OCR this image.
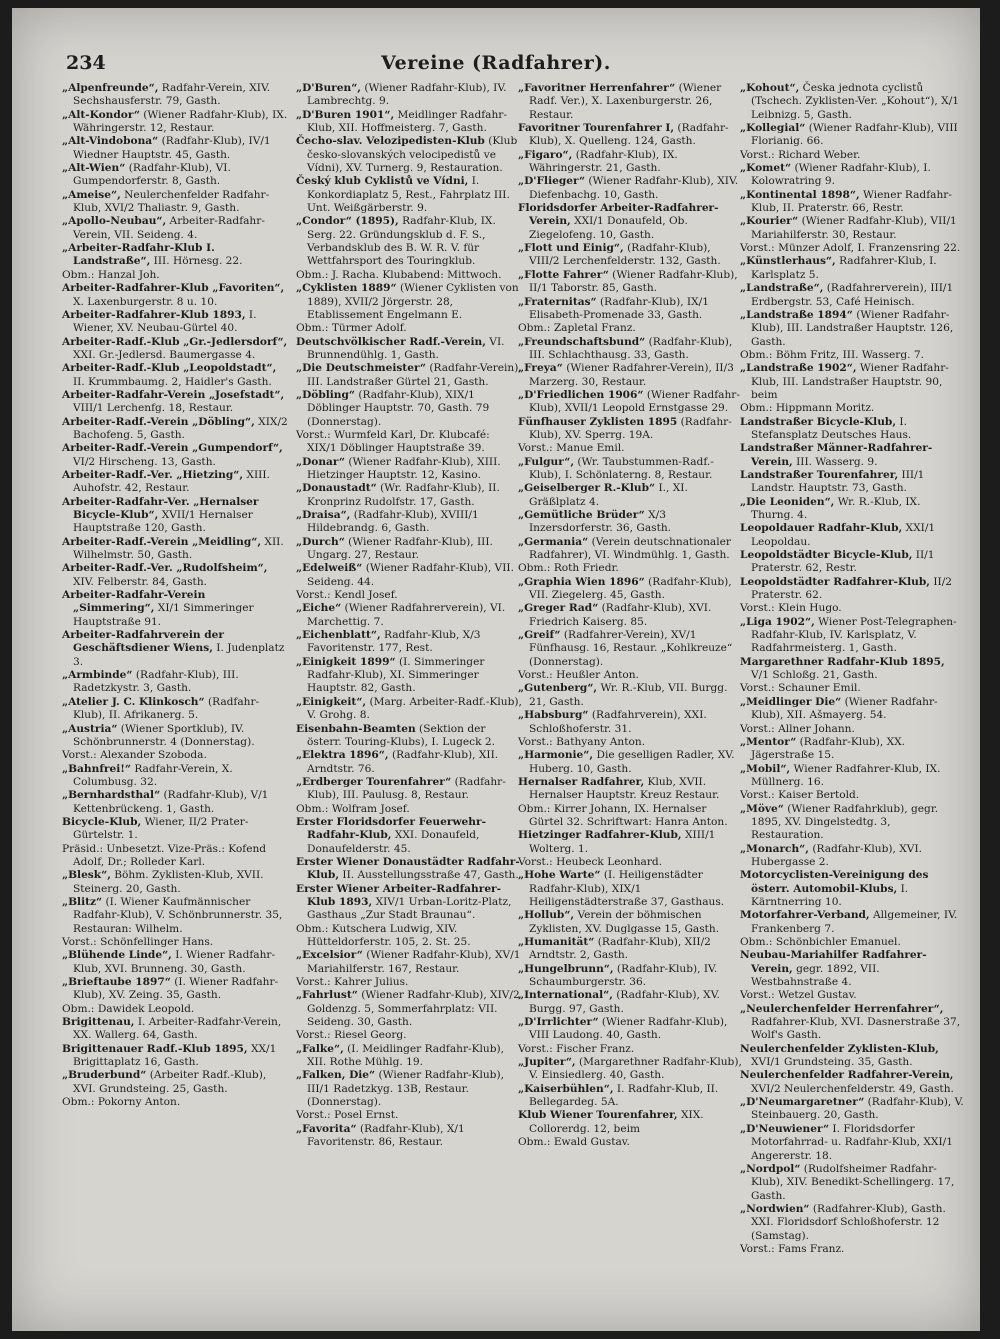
234	Vereine (Radfahrer).

„Alpenfreunde“, Radfahr-Verein, XIV. Sechshausferstr. 79, Gasth.

„Alt-Kondor“ (Wiener Radfahr-Klub), IX. Währingerstr. 12, Restaur.

„Alt-Vindobona“ (Radfahr-Klub), IV/1 Wiedner Hauptstr. 45, Gasth.

„Alt-Wien“ (Radfahr-Klub), VI. Gumpendorferstr. 8, Gasth.

„Ameise“, Neulerchenfelder Radfahr-Klub, XVI/2 Thaliastr. 9, Gasth.

„Apollo-Neubau“, Arbeiter-Radfahr-Verein, VII. Seideng. 4.

„Arbeiter-Radfahr-Klub I. Landstraße“, III. Hörnesg. 22.
Obm.: Hanzal Joh.

Arbeiter-Radfahrer-Klub „Favoriten“, X. Laxenburgerstr. 8 u. 10.

Arbeiter-Radfahrer-Klub 1893, I. Wiener, XV. Neubau-Gürtel 40.

Arbeiter-Radf.-Klub „Gr.-Jedlersdorf“, XXI. Gr.-Jedlersd. Baumergasse 4.

Arbeiter-Radf.-Klub „Leopoldstadt“, II. Krummbaumg. 2, Haidler's Gasth.

Arbeiter-Radfahr-Verein „Josefstadt“, VIII/1 Lerchenfg. 18, Restaur.

Arbeiter-Radf.-Verein „Döbling“, XIX/2 Bachofeng. 5, Gasth.

Arbeiter-Radf.-Verein „Gumpendorf“, VI/2 Hirscheng. 13, Gasth.

Arbeiter-Radf.-Ver. „Hietzing“, XIII. Auhofstr. 42, Restaur.

Arbeiter-Radfahr-Ver. „Hernalser Bicycle-Klub“, XVII/1 Hernalser Hauptstraße 120, Gasth.

Arbeiter-Radf.-Verein „Meidling“, XII. Wilhelmstr. 50, Gasth.

Arbeiter-Radf.-Ver. „Rudolfsheim“, XIV. Felberstr. 84, Gasth.

Arbeiter-Radfahr-Verein „Simmering“, XI/1 Simmeringer Hauptstraße 91.

Arbeiter-Radfahrverein der Geschäftsdiener Wiens, I. Judenplatz 3.

„Armbinde“ (Radfahr-Klub), III. Radetzkystr. 3, Gasth.

„Atelier J. C. Klinkosch“ (Radfahr-Klub), II. Afrikanerg. 5.

„Austria“ (Wiener Sportklub), IV. Schönbrunnerstr. 4 (Donnerstag).
Vorst.: Alexander Szoboda.

„Bahnfrei!“ Radfahr-Verein, X. Columbusg. 32.

„Bernhardsthal“ (Radfahr-Klub), V/1 Kettenbrückeng. 1, Gasth.

Bicycle-Klub, Wiener, II/2 Prater-Gürtelstr. 1.
Präsid.: Unbesetzt. Vize-Präs.: Kofend Adolf, Dr.; Rolleder Karl.

„Blesk“, Böhm. Zyklisten-Klub, XVII. Steinerg. 20, Gasth.

„Blitz“ (I. Wiener Kaufmännischer Radfahr-Klub), V. Schönbrunnerstr. 35, Restauran: Wilhelm.
Vorst.: Schönfellinger Hans.

„Blühende Linde“, I. Wiener Radfahr-Klub, XVI. Brunneng. 30, Gasth.

„Brieftaube 1897“ (I. Wiener Radfahr-Klub), XV. Zeing. 35, Gasth.
Obm.: Dawidek Leopold.

Brigittenau, I. Arbeiter-Radfahr-Verein, XX. Wallerg. 64, Gasth.

Brigittenauer Radf.-Klub 1895, XX/1 Brigittaplatz 16, Gasth.

„Bruderbund“ (Arbeiter Radf.-Klub), XVI. Grundsteing. 25, Gasth.
Obm.: Pokorny Anton.

„D'Buren“, (Wiener Radfahr-Klub), IV. Lambrechtg. 9.

„D'Buren 1901“, Meidlinger Radfahr-Klub, XII. Hoffmeisterg. 7, Gasth.

Čecho-slav. Velozipedisten-Klub (Klub česko-slovanských velocipedistů ve Vídni), XV. Turnerg. 9, Restauration.

Český klub Cyklistů ve Vídni, I. Konkordiaplatz 5, Rest., Fahrplatz III. Unt. Weißgärberstr. 9.

„Condor“ (1895), Radfahr-Klub, IX. Serg. 22. Gründungsklub d. F. S., Verbandsklub des B. W. R. V. für Wettfahrsport des Touringklub.
Obm.: J. Racha. Klubabend: Mittwoch.

„Cyklisten 1889“ (Wiener Cyklisten von 1889), XVII/2 Jörgerstr. 28, Etablissement Engelmann E.
Obm.: Türmer Adolf.

Deutschvölkischer Radf.-Verein, VI. Brunnendühlg. 1, Gasth.

„Die Deutschmeister“ (Radfahr-Verein), III. Landstraßer Gürtel 21, Gasth.

„Döbling“ (Radfahr-Klub), XIX/1 Döblinger Hauptstr. 70, Gasth. 79 (Donnerstag).
Vorst.: Wurmfeld Karl, Dr. Klubcafé: XIX/1 Döblinger Hauptstraße 39.

„Donar“ (Wiener Radfahr-Klub), XIII. Hietzinger Hauptstr. 12, Kasino.

„Donaustadt“ (Wr. Radfahr-Klub), II. Kronprinz Rudolfstr. 17, Gasth.

„Draisa“, (Radfahr-Klub), XVIII/1 Hildebrandg. 6, Gasth.

„Durch“ (Wiener Radfahr-Klub), III. Ungarg. 27, Restaur.

„Edelweiß“ (Wiener Radfahr-Klub), VII. Seideng. 44.
Vorst.: Kendl Josef.

„Eiche“ (Wiener Radfahrerverein), VI. Marchettig. 7.

„Eichenblatt“, Radfahr-Klub, X/3 Favoritenstr. 177, Rest.

„Einigkeit 1899“ (I. Simmeringer Radfahr-Klub), XI. Simmeringer Hauptstr. 82, Gasth.

„Einigkeit“, (Marg. Arbeiter-Radf.-Klub), V. Grohg. 8.

Eisenbahn-Beamten (Sektion der österr. Touring-Klubs), I. Lugeck 2.

„Elektra 1896“, (Radfahr-Klub), XII. Arndtstr. 76.

„Erdberger Tourenfahrer“ (Radfahr-Klub), III. Paulusg. 8, Restaur.
Obm.: Wolfram Josef.

Erster Floridsdorfer Feuerwehr-Radfahr-Klub, XXI. Donaufeld, Donaufelderstr. 45.

Erster Wiener Donaustädter Radfahr-Klub, II. Ausstellungsstraße 47, Gasth.

Erster Wiener Arbeiter-Radfahrer-Klub 1893, XIV/1 Urban-Loritz-Platz, Gasthaus „Zur Stadt Braunau“.
Obm.: Kutschera Ludwig, XIV. Hütteldorferstr. 105, 2. St. 25.

„Excelsior“ (Wiener Radfahr-Klub), XV/1 Mariahilferstr. 167, Restaur.
Vorst.: Kahrer Julius.

„Fahrlust“ (Wiener Radfahr-Klub), XIV/2 Goldenzg. 5, Sommerfahrplatz: VII. Seideng. 30, Gasth.
Vorst.: Riesel Georg.

„Falke“, (I. Meidlinger Radfahr-Klub), XII. Rothe Mühlg. 19.

„Falken, Die“ (Wiener Radfahr-Klub), III/1 Radetzkyg. 13B, Restaur. (Donnerstag).
Vorst.: Posel Ernst.

„Favorita“ (Radfahr-Klub), X/1 Favoritenstr. 86, Restaur.

„Favoritner Herrenfahrer“ (Wiener Radf. Ver.), X. Laxenburgerstr. 26, Restaur.

Favoritner Tourenfahrer I, (Radfahr-Klub), X. Quelleng. 124, Gasth.

„Figaro“, (Radfahr-Klub), IX. Währingerstr. 21, Gasth.

„D'Flieger“ (Wiener Radfahr-Klub), XIV. Diefenbachg. 10, Gasth.

Floridsdorfer Arbeiter-Radfahrer-Verein, XXI/1 Donaufeld, Ob. Ziegelofeng. 10, Gasth.

„Flott und Einig“, (Radfahr-Klub), VIII/2 Lerchenfelderstr. 132, Gasth.

„Flotte Fahrer“ (Wiener Radfahr-Klub), II/1 Taborstr. 85, Gasth.

„Fraternitas“ (Radfahr-Klub), IX/1 Elisabeth-Promenade 33, Gasth.
Obm.: Zapletal Franz.

„Freundschaftsbund“ (Radfahr-Klub), III. Schlachthausg. 33, Gasth.

„Freya“ (Wiener Radfahrer-Verein), II/3 Marzerg. 30, Restaur.

„D'Friedlichen 1906“ (Wiener Radfahr-Klub), XVII/1 Leopold Ernstgasse 29.

Fünfhauser Zyklisten 1895 (Radfahr-Klub), XV. Sperrg. 19A.
Vorst.: Manue Emil.

„Fulgur“, (Wr. Taubstummen-Radf.-Klub), I. Schönlaterng. 8, Restaur.

„Geiselberger R.-Klub“ I., XI. Gräßlplatz 4.

„Gemütliche Brüder“ X/3 Inzersdorferstr. 36, Gasth.

„Germania“ (Verein deutschnationaler Radfahrer), VI. Windmühlg. 1, Gasth.
Obm.: Roth Friedr.

„Graphia Wien 1896“ (Radfahr-Klub), VII. Ziegelerg. 45, Gasth.

„Greger Rad“ (Radfahr-Klub), XVI. Friedrich Kaiserg. 85.

„Greif“ (Radfahrer-Verein), XV/1 Fünfhausg. 16, Restaur. „Kohlkreuze“ (Donnerstag).
Vorst.: Heußler Anton.

„Gutenberg“, Wr. R.-Klub, VII. Burgg. 21, Gasth.

„Habsburg“ (Radfahrverein), XXI. Schloßhoferstr. 31.
Vorst.: Bathyany Anton.

„Harmonie“, Die geselligen Radler, XV. Huberg. 10, Gasth.

Hernalser Radfahrer, Klub, XVII. Hernalser Hauptstr. Kreuz Restaur.
Obm.: Kirrer Johann, IX. Hernalser Gürtel 32. Schriftwart: Hanra Anton.

Hietzinger Radfahrer-Klub, XIII/1 Wolterg. 1.
Vorst.: Heubeck Leonhard.

„Hohe Warte“ (I. Heiligenstädter Radfahr-Klub), XIX/1 Heiligenstädterstraße 37, Gasthaus.

„Hollub“, Verein der böhmischen Zyklisten, XV. Duglgasse 15, Gasth.

„Humanität“ (Radfahr-Klub), XII/2 Arndtstr. 2, Gasth.

„Hungelbrunn“, (Radfahr-Klub), IV. Schaumburgerstr. 36.

„International“, (Radfahr-Klub), XV. Burgg. 97, Gasth.

„D'Irrlichter“ (Wiener Radfahr-Klub), VIII Laudong. 40, Gasth.
Vorst.: Fischer Franz.

„Jupiter“, (Margarethner Radfahr-Klub), V. Einsiedlerg. 40, Gasth.

„Kaiserbühlen“, I. Radfahr-Klub, II. Bellegardeg. 5A.

Klub Wiener Tourenfahrer, XIX. Collorerdg. 12, beim
Obm.: Ewald Gustav.

„Kohout“, Česka jednota cyclistů (Tschech. Zyklisten-Ver. „Kohout“), X/1 Leibnizg. 5, Gasth.

„Kollegial“ (Wiener Radfahr-Klub), VIII Florianig. 66.
Vorst.: Richard Weber.

„Komet“ (Wiener Radfahr-Klub), I. Kolowratring 9.

„Kontinental 1898“, Wiener Radfahr-Klub, II. Praterstr. 66, Restr.

„Kourier“ (Wiener Radfahr-Klub), VII/1 Mariahilferstr. 30, Restaur.
Vorst.: Münzer Adolf, I. Franzensring 22.

„Künstlerhaus“, Radfahrer-Klub, I. Karlsplatz 5.

„Landstraße“, (Radfahrerverein), III/1 Erdbergstr. 53, Café Heinisch.

„Landstraße 1894“ (Wiener Radfahr-Klub), III. Landstraßer Hauptstr. 126, Gasth.
Obm.: Böhm Fritz, III. Wasserg. 7.

„Landstraße 1902“, Wiener Radfahr-Klub, III. Landstraßer Hauptstr. 90, beim
Obm.: Hippmann Moritz.

Landstraßer Bicycle-Klub, I. Stefansplatz Deutsches Haus.

Landstraßer Männer-Radfahrer-Verein, III. Wasserg. 9.

Landstraßer Tourenfahrer, III/1 Landstr. Hauptstr. 73, Gasth.

„Die Leoniden“, Wr. R.-Klub, IX. Thurng. 4.

Leopoldauer Radfahr-Klub, XXI/1 Leopoldau.

Leopoldstädter Bicycle-Klub, II/1 Praterstr. 62, Restr.

Leopoldstädter Radfahrer-Klub, II/2 Praterstr. 62.
Vorst.: Klein Hugo.

„Liga 1902“, Wiener Post-Telegraphen-Radfahr-Klub, IV. Karlsplatz, V. Radfahrmeisterg. 1, Gasth.

Margarethner Radfahr-Klub 1895, V/1 Schloßg. 21, Gasth.
Vorst.: Schauner Emil.

„Meidlinger Die“ (Wiener Radfahr-Klub), XII. Ašmayerg. 54.
Vorst.: Allner Johann.

„Mentor“ (Radfahr-Klub), XX. Jägerstraße 15.

„Mobil“, Wiener Radfahrer-Klub, IX. Müllnerg. 16.
Vorst.: Kaiser Bertold.

„Möve“ (Wiener Radfahrklub), gegr. 1895, XV. Dingelstedtg. 3, Restauration.

„Monarch“, (Radfahr-Klub), XVI. Hubergasse 2.

Motorcyclisten-Vereinigung des österr. Automobil-Klubs, I. Kärntnerring 10.

Motorfahrer-Verband, Allgemeiner, IV. Frankenberg 7.
Obm.: Schönbichler Emanuel.

Neubau-Mariahilfer Radfahrer-Verein, gegr. 1892, VII. Westbahnstraße 4.
Vorst.: Wetzel Gustav.

„Neulerchenfelder Herrenfahrer“, Radfahrer-Klub, XVI. Dasnerstraße 37, Wolf's Gasth.

Neulerchenfelder Zyklisten-Klub, XVI/1 Grundsteing. 35, Gasth.

Neulerchenfelder Radfahrer-Verein, XVI/2 Neulerchenfelderstr. 49, Gasth.

„D'Neumargaretner“ (Radfahr-Klub), V. Steinbauerg. 20, Gasth.

„D'Neuwiener“ I. Floridsdorfer Motorfahrrad- u. Radfahr-Klub, XXI/1 Angererstr. 18.

„Nordpol“ (Rudolfsheimer Radfahr-Klub), XIV. Benedikt-Schellingerg. 17, Gasth.

„Nordwien“ (Radfahrer-Klub), Gasth. XXI. Floridsdorf Schloßhoferstr. 12 (Samstag).
Vorst.: Fams Franz.
